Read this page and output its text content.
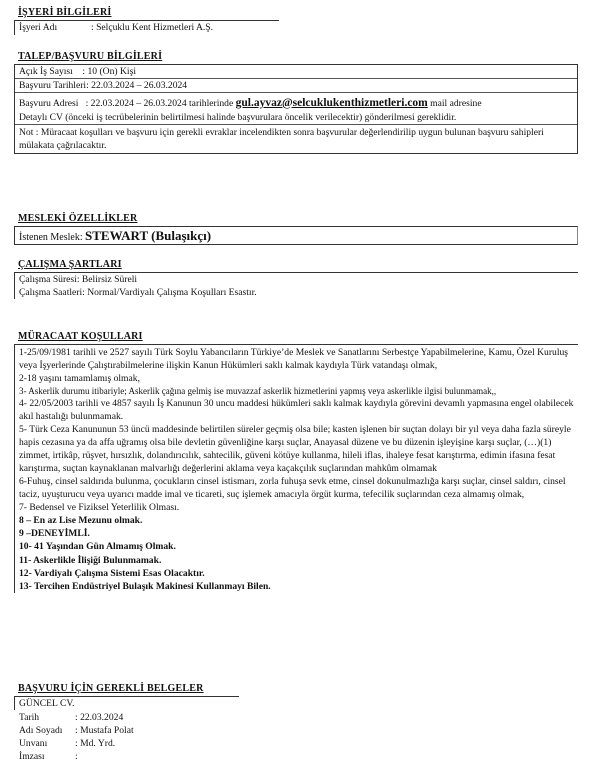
İŞYERİ BİLGİLERİ
İşyeri Adı	: Selçuklu Kent Hizmetleri A.Ş.
TALEP/BAŞVURU BİLGİLERİ
Açık İş Sayısı    : 10 (On) Kişi
Başvuru Tarihleri: 22.03.2024 – 26.03.2024
Başvuru Adresi   : 22.03.2024 – 26.03.2024 tarihlerinde gul.ayvaz@selcuklukenthizmetleri.com mail adresine
Detaylı CV (önceki iş tecrübelerinin belirtilmesi halinde başvurulara öncelik verilecektir) gönderilmesi gereklidir.
Not : Müracaat koşulları ve başvuru için gerekli evraklar incelendikten sonra başvurular değerlendirilip uygun bulunan başvuru sahipleri mülakata çağrılacaktır.
MESLEKİ ÖZELLİKLER
İstenen Meslek: STEWART (Bulaşıkçı)
ÇALIŞMA ŞARTLARI
Çalışma Süresi: Belirsiz Süreli
Çalışma Saatleri: Normal/Vardiyalı Çalışma Koşulları Esastır.
MÜRACAAT KOŞULLARI
1-25/09/1981 tarihli ve 2527 sayılı Türk Soylu Yabancıların Türkiye’de Meslek ve Sanatlarını Serbestçe Yapabilmelerine, Kamu, Özel Kuruluş veya İşyerlerinde Çalıştırabilmelerine ilişkin Kanun Hükümleri saklı kalmak kaydıyla Türk vatandaşı olmak,
2-18 yaşını tamamlamış olmak,
3- Askerlik durumu itibariyle; Askerlik çağına gelmiş ise muvazzaf askerlik hizmetlerini yapmış veya askerlikle ilgisi bulunmamak,,
4- 22/05/2003 tarihli ve 4857 sayılı İş Kanunun 30 uncu maddesi hükümleri saklı kalmak kaydıyla görevini devamlı yapmasına engel olabilecek akıl hastalığı bulunmamak.
5- Türk Ceza Kanununun 53 üncü maddesinde belirtilen süreler geçmiş olsa bile; kasten işlenen bir suçtan dolayı bir yıl veya daha fazla süreyle hapis cezasına ya da affa uğramış olsa bile devletin güvenliğine karşı suçlar, Anayasal düzene ve bu düzenin işleyişine karşı suçlar, (…)(1) zimmet, irtikâp, rüşvet, hırsızlık, dolandırıcılık, sahtecilik, güveni kötüye kullanma, hileli iflas, ihaleye fesat karıştırma, edimin ifasına fesat karıştırma, suçtan kaynaklanan malvarlığı değerlerini aklama veya kaçakçılık suçlarından mahkûm olmamak
6-Fuhuş, cinsel saldırıda bulunma, çocukların cinsel istismarı, zorla fuhuşa sevk etme, cinsel dokunulmazlığa karşı suçlar, cinsel saldırı, cinsel taciz, uyuşturucu veya uyarıcı madde imal ve ticareti, suç işlemek amacıyla örgüt kurma, tefecilik suçlarından ceza almamış olmak,
7- Bedensel ve Fiziksel Yeterlilik Olması.
8 – En az Lise Mezunu olmak.
9 –DENEYİMLİ.
10- 41 Yaşından Gün Almamış Olmak.
11- Askerlikle İlişiği Bulunmamak.
12- Vardiyalı Çalışma Sistemi Esas Olacaktır.
13- Tercihen Endüstriyel Bulaşık Makinesi Kullanmayı Bilen.
BAŞVURU İÇİN GEREKLİ BELGELER
GÜNCEL CV.
Tarih	: 22.03.2024
Adı Soyadı : Mustafa Polat
Unvanı	: Md. Yrd.
İmzası	:
